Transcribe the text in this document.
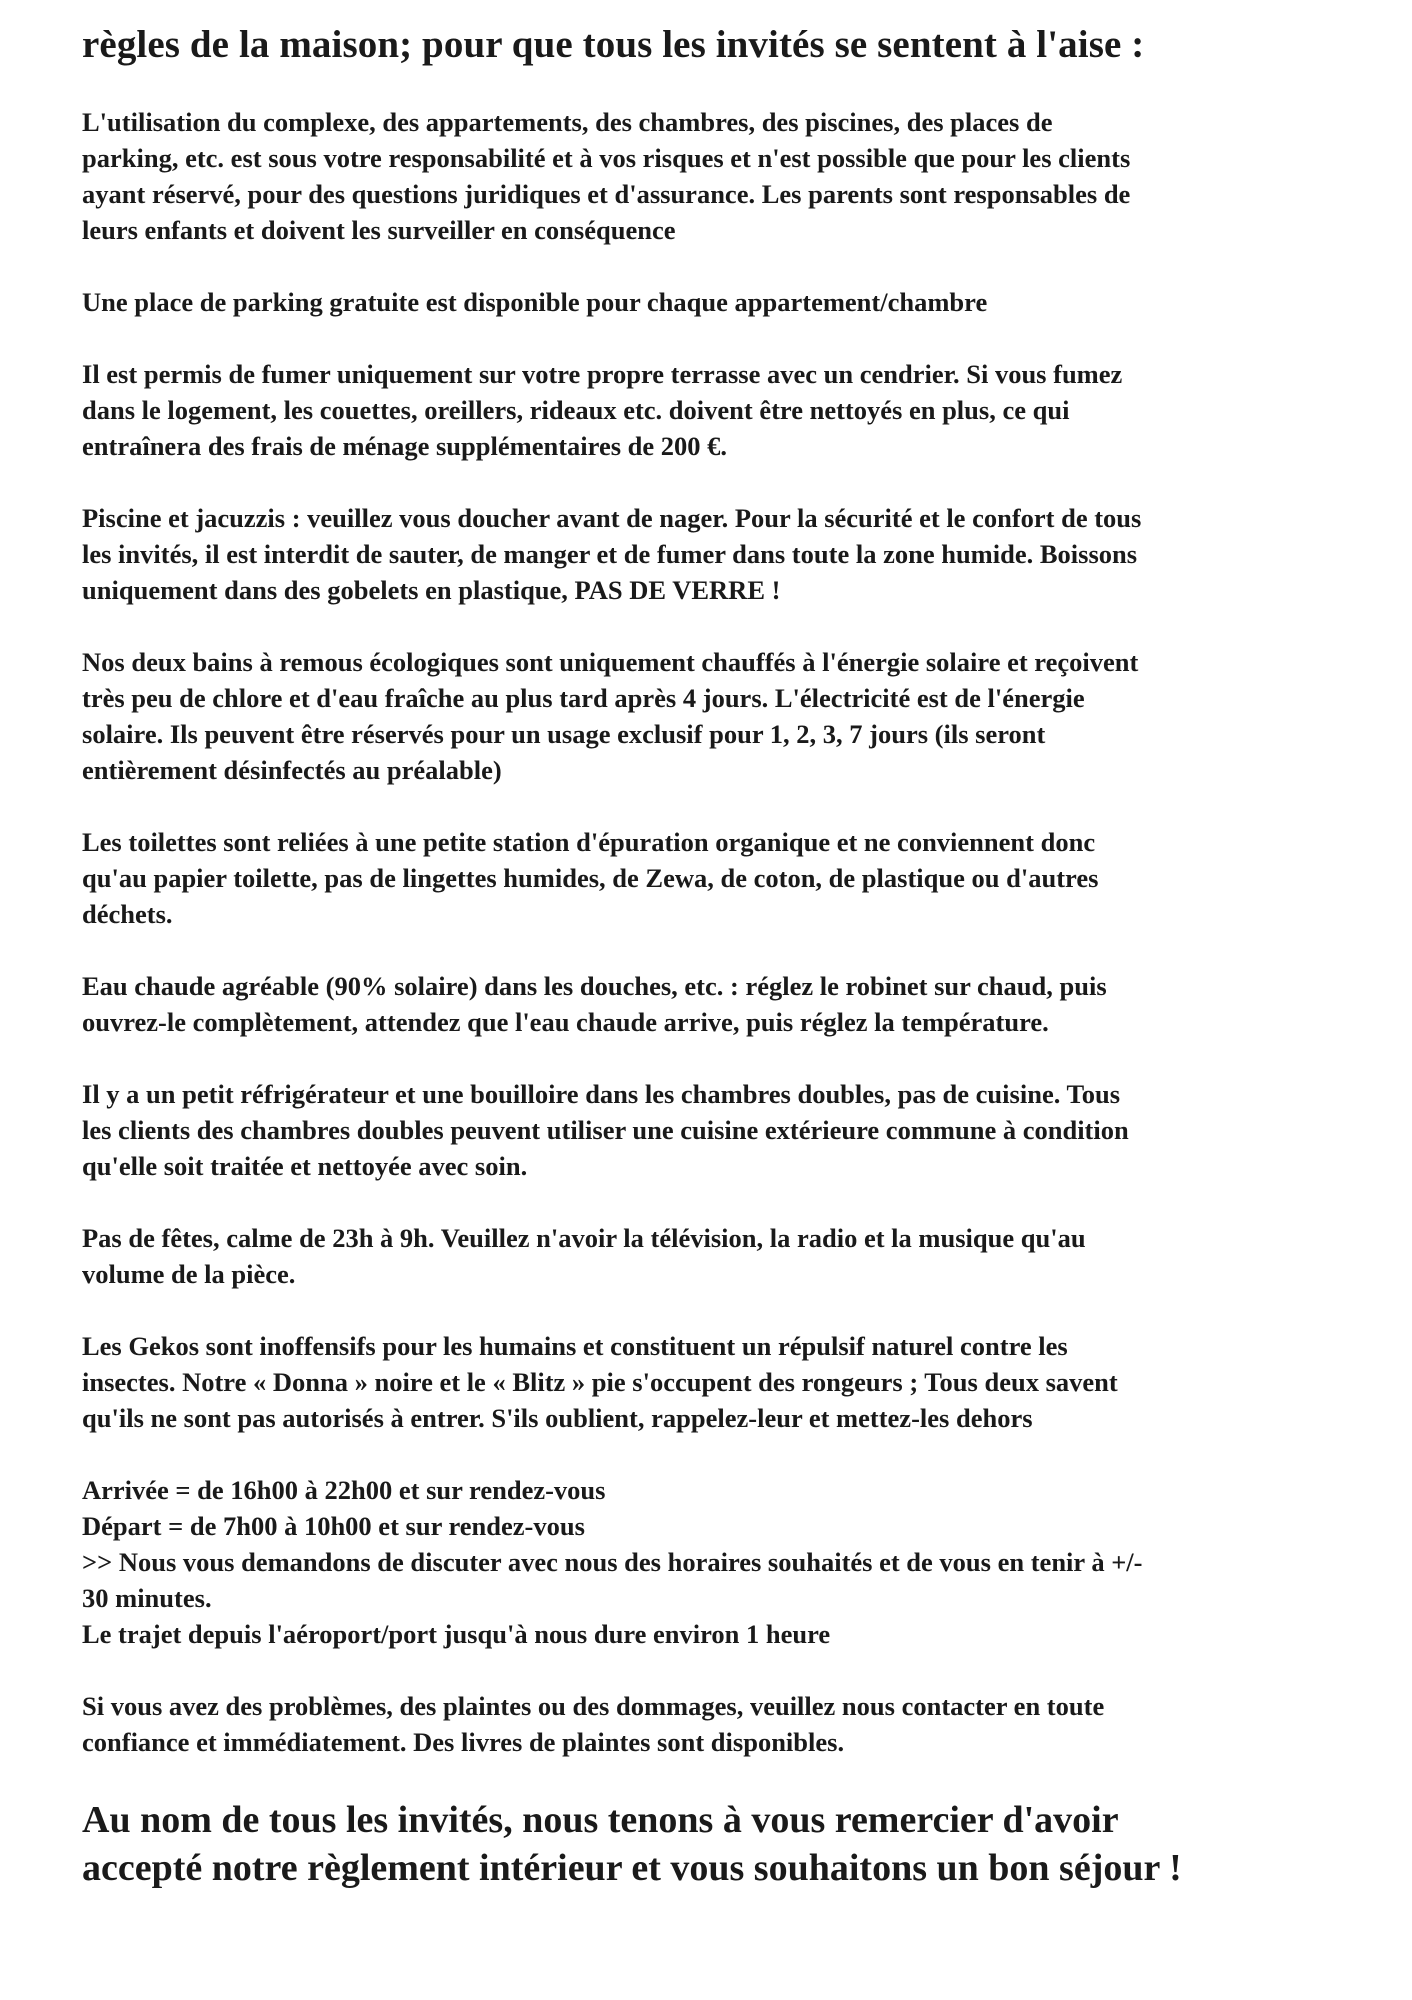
règles de la maison; pour que tous les invités se sentent à l'aise :
L'utilisation du complexe, des appartements, des chambres, des piscines, des places de
parking, etc. est sous votre responsabilité et à vos risques et n'est possible que pour les clients
ayant réservé, pour des questions juridiques et d'assurance. Les parents sont responsables de
leurs enfants et doivent les surveiller en conséquence
Une place de parking gratuite est disponible pour chaque appartement/chambre
Il est permis de fumer uniquement sur votre propre terrasse avec un cendrier. Si vous fumez
dans le logement, les couettes, oreillers, rideaux etc. doivent être nettoyés en plus, ce qui
entraînera des frais de ménage supplémentaires de 200 €.
Piscine et jacuzzis : veuillez vous doucher avant de nager. Pour la sécurité et le confort de tous
les invités, il est interdit de sauter, de manger et de fumer dans toute la zone humide. Boissons
uniquement dans des gobelets en plastique, PAS DE VERRE !
Nos deux bains à remous écologiques sont uniquement chauffés à l'énergie solaire et reçoivent
très peu de chlore et d'eau fraîche au plus tard après 4 jours. L'électricité est de l'énergie
solaire. Ils peuvent être réservés pour un usage exclusif pour 1, 2, 3, 7 jours (ils seront
entièrement désinfectés au préalable)
Les toilettes sont reliées à une petite station d'épuration organique et ne conviennent donc
qu'au papier toilette, pas de lingettes humides, de Zewa, de coton, de plastique ou d'autres
déchets.
Eau chaude agréable (90% solaire) dans les douches, etc. : réglez le robinet sur chaud, puis
ouvrez-le complètement, attendez que l'eau chaude arrive, puis réglez la température.
Il y a un petit réfrigérateur et une bouilloire dans les chambres doubles, pas de cuisine. Tous
les clients des chambres doubles peuvent utiliser une cuisine extérieure commune à condition
qu'elle soit traitée et nettoyée avec soin.
Pas de fêtes, calme de 23h à 9h. Veuillez n'avoir la télévision, la radio et la musique qu'au
volume de la pièce.
Les Gekos sont inoffensifs pour les humains et constituent un répulsif naturel contre les
insectes. Notre « Donna » noire et le « Blitz » pie s'occupent des rongeurs ; Tous deux savent
qu'ils ne sont pas autorisés à entrer. S'ils oublient, rappelez-leur et mettez-les dehors
Arrivée = de 16h00 à 22h00 et sur rendez-vous
Départ = de 7h00 à 10h00 et sur rendez-vous
>> Nous vous demandons de discuter avec nous des horaires souhaités et de vous en tenir à +/-
30 minutes.
Le trajet depuis l'aéroport/port jusqu'à nous dure environ 1 heure
Si vous avez des problèmes, des plaintes ou des dommages, veuillez nous contacter en toute
confiance et immédiatement. Des livres de plaintes sont disponibles.
Au nom de tous les invités, nous tenons à vous remercier d'avoir
accepté notre règlement intérieur et vous souhaitons un bon séjour !
